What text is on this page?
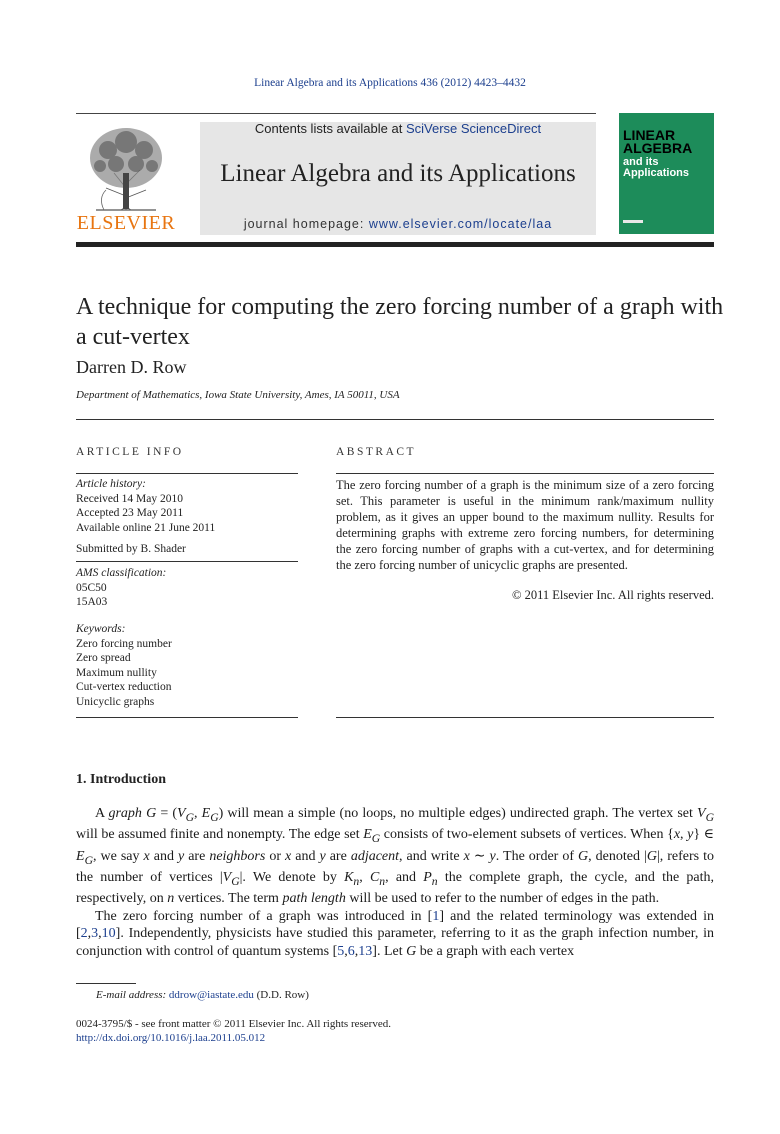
Linear Algebra and its Applications 436 (2012) 4423–4432
ELSEVIER
Contents lists available at SciVerse ScienceDirect
Linear Algebra and its Applications
journal homepage: www.elsevier.com/locate/laa
LINEAR
ALGEBRA
and its
Applications
A technique for computing the zero forcing number of a graph with a cut-vertex
Darren D. Row
Department of Mathematics, Iowa State University, Ames, IA 50011, USA
ARTICLE INFO
Article history:
Received 14 May 2010
Accepted 23 May 2011
Available online 21 June 2011
Submitted by B. Shader
AMS classification:
05C50
15A03
Keywords:
Zero forcing number
Zero spread
Maximum nullity
Cut-vertex reduction
Unicyclic graphs
ABSTRACT
The zero forcing number of a graph is the minimum size of a zero forcing set. This parameter is useful in the minimum rank/maximum nullity problem, as it gives an upper bound to the maximum nullity. Results for determining graphs with extreme zero forcing numbers, for determining the zero forcing number of graphs with a cut-vertex, and for determining the zero forcing number of unicyclic graphs are presented.
© 2011 Elsevier Inc. All rights reserved.
1. Introduction

A graph $G = (V_G$, $E_G$) will mean a simple (no loops, no multiple edges) undirected graph. The vertex set $V_G$ will be assumed finite and nonempty. The edge set $E_G$ consists of two-element subsets of vertices. When {x, y} ∈ $E_G$, we say x and y are neighbors or x and y are adjacent, and write x ∼ y. The order of G, denoted |G|, refers to the number of vertices $|V_G|$. We denote by $K_n$, $C_n$, and $P_n$ the complete graph, the cycle, and the path, respectively, on n vertices. The term path length will be used to refer to the number of edges in the path.

The zero forcing number of a graph was introduced in [1] and the related terminology was extended in [2,3,10]. Independently, physicists have studied this parameter, referring to it as the graph infection number, in conjunction with control of quantum systems [5,6,13]. Let G be a graph with each vertex

E-mail address: ddrow@iastate.edu (D.D. Row)
0024-3795/$ - see front matter © 2011 Elsevier Inc. All rights reserved.
http://dx.doi.org/10.1016/j.laa.2011.05.012
